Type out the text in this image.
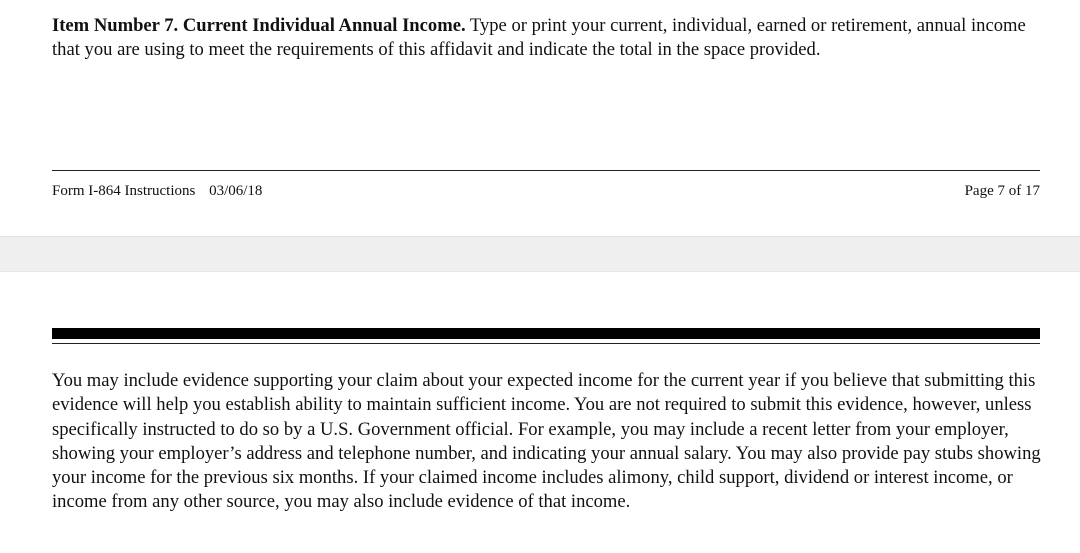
Item Number 7. Current Individual Annual Income. Type or print your current, individual, earned or retirement, annual income that you are using to meet the requirements of this affidavit and indicate the total in the space provided.

Form I-864 Instructions 03/06/18	Page 7 of 17

You may include evidence supporting your claim about your expected income for the current year if you believe that submitting this evidence will help you establish ability to maintain sufficient income. You are not required to submit this evidence, however, unless specifically instructed to do so by a U.S. Government official. For example, you may include a recent letter from your employer, showing your employer’s address and telephone number, and indicating your annual salary. You may also provide pay stubs showing your income for the previous six months. If your claimed income includes alimony, child support, dividend or interest income, or income from any other source, you may also include evidence of that income.
